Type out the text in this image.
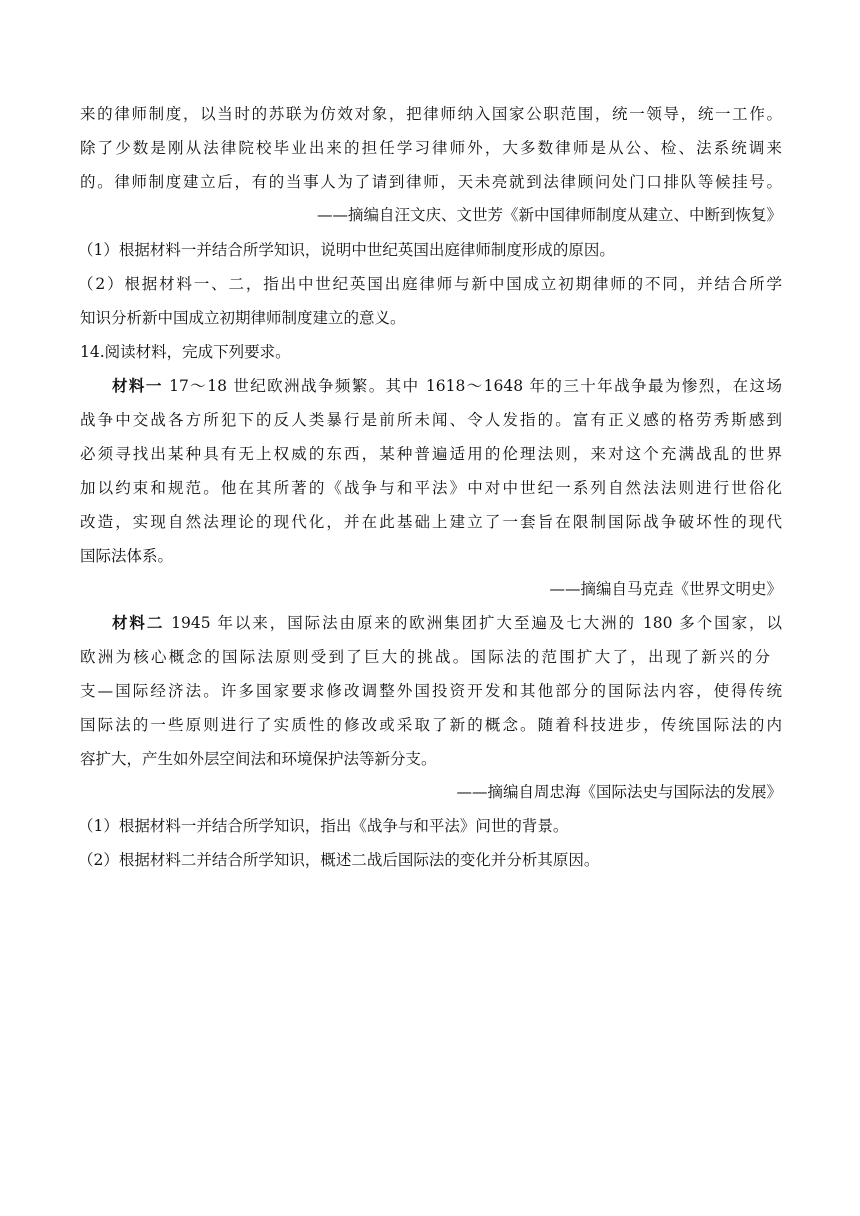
来的律师制度，以当时的苏联为仿效对象，把律师纳入国家公职范围，统一领导，统一工作。
除了少数是刚从法律院校毕业出来的担任学习律师外，大多数律师是从公、检、法系统调来
的。律师制度建立后，有的当事人为了请到律师，天未亮就到法律顾问处门口排队等候挂号。
——摘编自汪文庆、文世芳《新中国律师制度从建立、中断到恢复》
（1）根据材料一并结合所学知识，说明中世纪英国出庭律师制度形成的原因。
（2）根据材料一、二，指出中世纪英国出庭律师与新中国成立初期律师的不同，并结合所学
知识分析新中国成立初期律师制度建立的意义。
14.阅读材料，完成下列要求。
材料一 17～18 世纪欧洲战争频繁。其中 1618～1648 年的三十年战争最为惨烈，在这场
战争中交战各方所犯下的反人类暴行是前所未闻、令人发指的。富有正义感的格劳秀斯感到
必须寻找出某种具有无上权威的东西，某种普遍适用的伦理法则，来对这个充满战乱的世界
加以约束和规范。他在其所著的《战争与和平法》中对中世纪一系列自然法法则进行世俗化
改造，实现自然法理论的现代化，并在此基础上建立了一套旨在限制国际战争破坏性的现代
国际法体系。
——摘编自马克垚《世界文明史》
材料二 1945 年以来，国际法由原来的欧洲集团扩大至遍及七大洲的 180 多个国家，以
欧洲为核心概念的国际法原则受到了巨大的挑战。国际法的范围扩大了，出现了新兴的分
支—国际经济法。许多国家要求修改调整外国投资开发和其他部分的国际法内容，使得传统
国际法的一些原则进行了实质性的修改或采取了新的概念。随着科技进步，传统国际法的内
容扩大，产生如外层空间法和环境保护法等新分支。
——摘编自周忠海《国际法史与国际法的发展》
（1）根据材料一并结合所学知识，指出《战争与和平法》问世的背景。
（2）根据材料二并结合所学知识，概述二战后国际法的变化并分析其原因。
